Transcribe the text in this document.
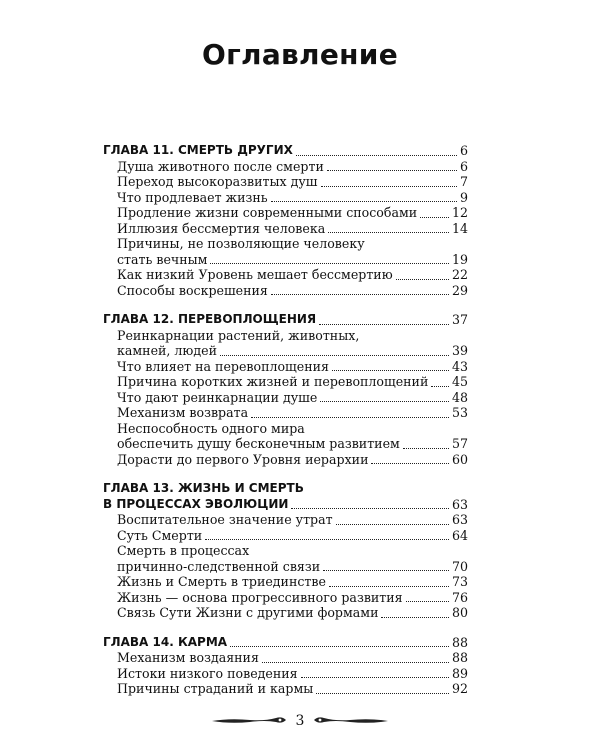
Оглавление
ГЛАВА 11. СМЕРТЬ ДРУГИХ	6
Душа животного после смерти	6
Переход высокоразвитых душ	7
Что продлевает жизнь	9
Продление жизни современными способами	12
Иллюзия бессмертия человека	14
Причины, не позволяющие человеку
стать вечным	19
Как низкий Уровень мешает бессмертию	22
Способы воскрешения	29
ГЛАВА 12. ПЕРЕВОПЛОЩЕНИЯ	37
Реинкарнации растений, животных,
камней, людей	39
Что влияет на перевоплощения	43
Причина коротких жизней и перевоплощений 45
Что дают реинкарнации душе	48
Механизм возврата	53
Неспособность одного мира
обеспечить душу бесконечным развитием	57
Дорасти до первого Уровня иерархии	60
ГЛАВА 13. ЖИЗНЬ И СМЕРТЬ
В ПРОЦЕССАХ ЭВОЛЮЦИИ	63
Воспитательное значение утрат	63
Суть Смерти	64
Смерть в процессах
причинно-следственной связи	70
Жизнь и Смерть в триединстве	73
Жизнь — основа прогрессивного развития	76
Связь Сути Жизни с другими формами	80
ГЛАВА 14. КАРМА	88
Механизм воздаяния	88
Истоки низкого поведения	89
Причины страданий и кармы	92
3
